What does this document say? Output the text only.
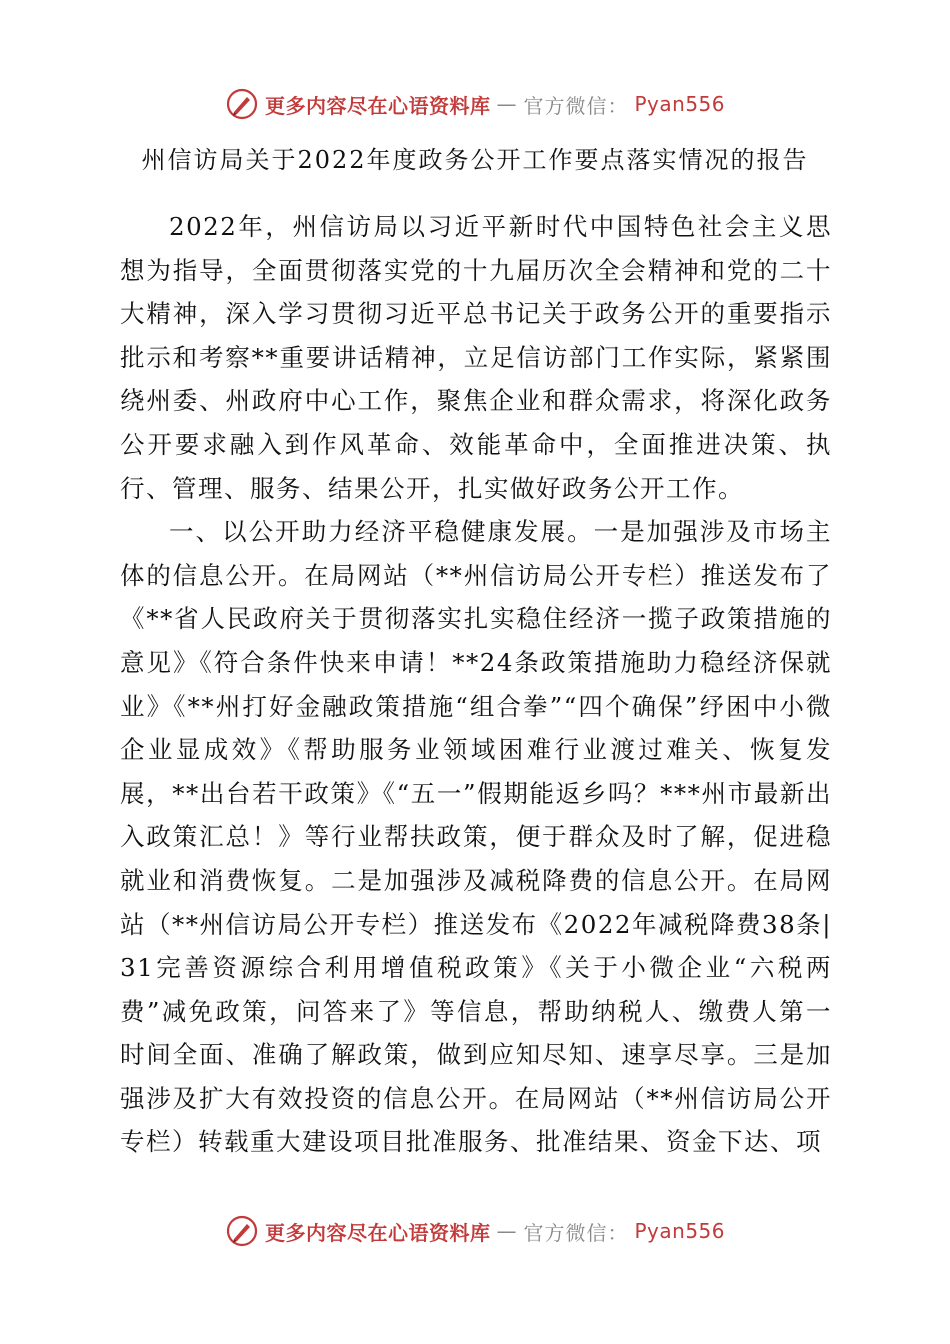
更多内容尽在心语资料库 — 官方微信： Pyan556
州信访局关于2022年度政务公开工作要点落实情况的报告

2022年，州信访局以习近平新时代中国特色社会主义思想为指导，全面贯彻落实党的十九届历次全会精神和党的二十大精神，深入学习贯彻习近平总书记关于政务公开的重要指示批示和考察**重要讲话精神，立足信访部门工作实际，紧紧围绕州委、州政府中心工作，聚焦企业和群众需求，将深化政务公开要求融入到作风革命、效能革命中，全面推进决策、执行、管理、服务、结果公开，扎实做好政务公开工作。

一、以公开助力经济平稳健康发展。一是加强涉及市场主体的信息公开。在局网站（**州信访局公开专栏）推送发布了《**省人民政府关于贯彻落实扎实稳住经济一揽子政策措施的意见》《符合条件快来申请！**24条政策措施助力稳经济保就业》《**州打好金融政策措施“组合拳”“四个确保”纾困中小微企业显成效》《帮助服务业领域困难行业渡过难关、恢复发展，**出台若干政策》《“五一”假期能返乡吗？***州市最新出入政策汇总！》等行业帮扶政策，便于群众及时了解，促进稳就业和消费恢复。二是加强涉及减税降费的信息公开。在局网站（**州信访局公开专栏）推送发布《2022年减税降费38条|31完善资源综合利用增值税政策》《关于小微企业“六税两费”减免政策，问答来了》等信息，帮助纳税人、缴费人第一时间全面、准确了解政策，做到应知尽知、速享尽享。三是加强涉及扩大有效投资的信息公开。在局网站（**州信访局公开专栏）转载重大建设项目批准服务、批准结果、资金下达、项

更多内容尽在心语资料库 — 官方微信： Pyan556
